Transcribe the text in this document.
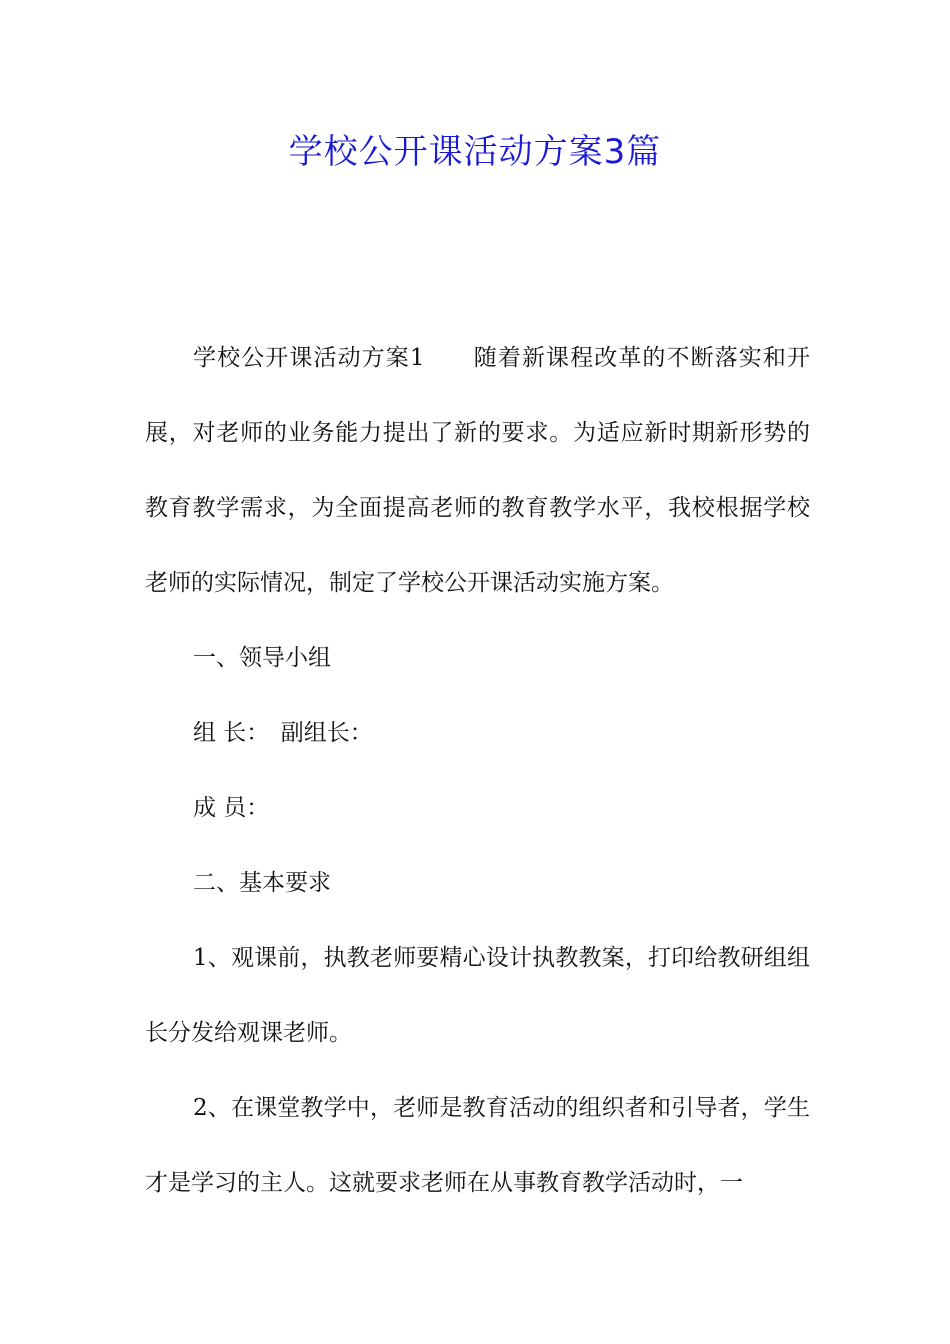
学校公开课活动方案3篇

学校公开课活动方案1　　随着新课程改革的不断落实和开展，对老师的业务能力提出了新的要求。为适应新时期新形势的教育教学需求，为全面提高老师的教育教学水平，我校根据学校老师的实际情况，制定了学校公开课活动实施方案。

一、领导小组

组 长：　副组长：

成 员：

二、基本要求

1、观课前，执教老师要精心设计执教教案，打印给教研组组长分发给观课老师。

2、在课堂教学中，老师是教育活动的组织者和引导者，学生才是学习的主人。这就要求老师在从事教育教学活动时，一
